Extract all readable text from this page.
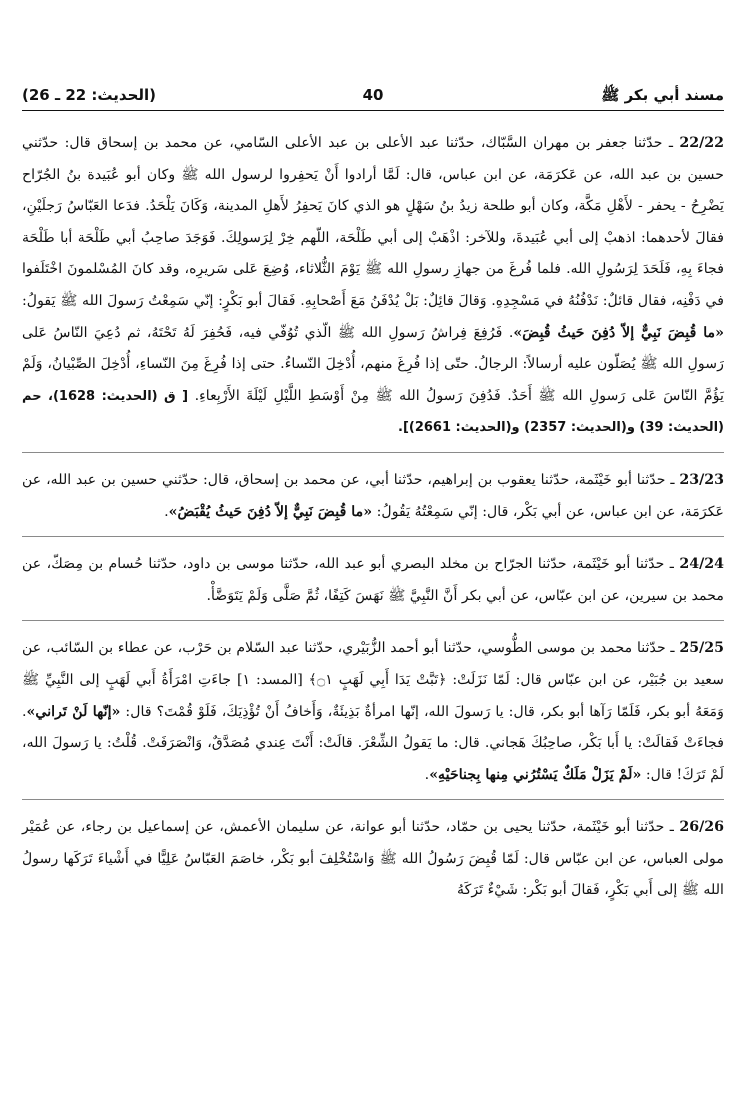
مسند أبي بكر ﷺ
40
(الحديث: 22 ـ 26)

22/22 ـ حدّثنا جعفر بن مهران السَّبّاك، حدّثنا عبد الأعلى بن عبد الأعلى السّامي، عن محمد بن إسحاق قال: حدّثني حسين بن عبد الله، عن عَكرَمَة، عن ابن عباس، قال: لَمَّا أرادوا أَنْ يَحفِروا لرسول الله ﷺ وكان أبو عُبَيدة بنُ الجُرّاح يَضْرِحُ - يحفر - لأَهْلِ مَكَّة، وكان أبو طلحة زيدُ بنُ سَهْلٍ هو الذي كانَ يَحفِرُ لأَهلِ المدينة، وَكَانَ يَلْحَدُ. فدَعا العَبّاسُ رَجلَيْنِ، فقالَ لأحدهما: اذهبْ إلى أبي عُبَيدةَ، وللآخر: اذْهَبْ إلى أبي طَلْحَة، اللّهم خِرْ لِرَسولِكَ. فَوَجَدَ صاحِبُ أبي طَلْحَة أبا طَلْحَة فجاءَ بِهِ، فَلَحَدَ لِرَسُولِ الله. فلما فُرغَ من جهازِ رسولِ الله ﷺ يَوْمَ الثُّلاثاء، وُضِعَ عَلى سَريرِه، وقد كانَ المُسْلمونَ اخْتَلَفوا في دَفْنِه، فقال قائلٌ: نَدْفُنُهُ في مَسْجِدِهِ. وَقالَ قائِلٌ: بَلْ يُدْفَنُ مَعَ أَصْحابِهِ. فَقالَ أبو بَكْرٍ: إنّي سَمِعْتُ رَسولَ الله ﷺ يَقولُ: «ما قُبِضَ نَبِيٌّ إلاّ دُفِنَ حَيثُ قُبِضَ». فَرُفِعَ فِراشُ رَسولِ الله ﷺ الّذي تُوُفّي فيه، فَحُفِرَ لَهُ تَحْتَهُ، ثم دُعِيَ النّاسُ عَلى رَسولِ الله ﷺ يُصَلّون عليه أرسالاً: الرجالُ. حتّى إذا فُرِغَ منهم، أُدْخِلَ النّساءُ. حتى إذا فُرِغَ مِنَ النّساءِ، أُدْخِلَ الصِّبْيانُ، وَلَمْ يَؤُمَّ النّاسَ عَلى رَسولِ الله ﷺ أَحَدٌ. فَدُفِنَ رَسولُ الله ﷺ مِنْ أَوْسَطِ اللَّيْلِ لَيْلَةَ الأَرْبِعاءِ. [ ق (الحديث: 1628)، حم (الحديث: 39) و(الحديث: 2357) و(الحديث: 2661)].

23/23 ـ حدّثنا أبو خَيْثَمة، حدّثنا يعقوب بن إبراهيم، حدّثنا أبي، عن محمد بن إسحاق، قال: حدّثني حسين بن عبد الله، عن عَكرَمَة، عن ابن عباس، عن أبي بَكْر، قال: إنّي سَمِعْتُهُ يَقُولُ: «ما قُبِضَ نَبِيٌّ إلاّ دُفِنَ حَيثُ يُقْبَضُ».

24/24 ـ حدّثنا أبو خَيْثَمة، حدّثنا الجرّاح بن مخلد البصري أبو عبد الله، حدّثنا موسى بن داود، حدّثنا حُسام بن مِصَكّ، عن محمد بن سيرين، عن ابن عبّاس، عن أبي بكر أَنَّ النَّبِيَّ ﷺ نَهَسَ كَتِفًا، ثُمَّ صَلَّى وَلَمْ يَتَوَضَّأْ.

25/25 ـ حدّثنا محمد بن موسى الطُّوسي، حدّثنا أبو أحمد الزُّبَيْري، حدّثنا عبد السّلام بن حَرْب، عن عطاء بن السّائب، عن سعيد بن جُبَيْر، عن ابن عبّاس قال: لَمّا نَزَلَتْ: ﴿تَبَّتْ يَدَا أَبِي لَهَبٍ ۝١﴾ [المسد: ١] جاءَتِ امْرَأَةُ أَبي لَهَبٍ إلى النَّبِيِّ ﷺ وَمَعَهُ أبو بكر، فَلَمّا رَآها أبو بكر، قال: يا رَسولَ الله، إنّها امرأةٌ بَذِيئَةٌ، وَأَخافُ أَنْ تُؤْذِيَكَ، فَلَوْ قُمْتَ؟ قال: «إنّها لَنْ تَراني». فجاءَتْ فَقالَتْ: يا أَبا بَكْر، صاحِبُكَ هَجاني. قال: ما يَقولُ الشِّعْرَ. قالَتْ: أَنْتَ عِندي مُصَدَّقٌ، وَانْصَرَفَتْ. قُلْتُ: يا رَسولَ الله، لَمْ تَرَكَ! قال: «لَمْ يَزَلْ مَلَكٌ يَسْتُرُني مِنها بِجناحَيْهِ».

26/26 ـ حدّثنا أبو خَيْثَمة، حدّثنا يحيى بن حمّاد، حدّثنا أبو عوانة، عن سليمان الأعمش، عن إسماعيل بن رجاء، عن عُمَيْر مولى العباس، عن ابن عبّاس قال: لَمّا قُبِضَ رَسُولُ الله ﷺ وَاسْتُخْلِفَ أبو بَكْر، خاصَمَ العَبّاسُ عَلِيًّا في أَشْياءَ تَرَكَها رسولُ الله ﷺ إلى أَبي بَكْرٍ، فَقالَ أبو بَكْر: شَيْءٌ تَرَكَهُ
